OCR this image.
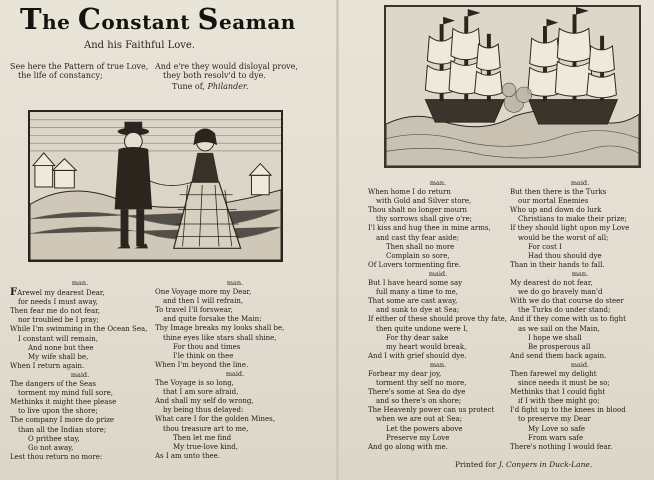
The Constant Seaman
And his Faithful Love.
See here the Pattern of true Love,
the life of constancy;
And e're they would disloyal prove,
they both resolv'd to dye.
Tune of, Philander.
man.
FArewel my dearest Dear,
for needs I must away,
Then fear me do not fear,
nor troubled be I pray;
While I'm swimming in the Ocean Sea,
I constant will remain,
And none but thee
My wife shall be,
When I return again.
maid.
The dangers of the Seas
torment my mind full sore,
Methinks it might thee please
to live upon the shore;
The company I more do prize
than all the Indian store;
O prithee stay,
Go not away,
Lest thou return no more:
man.
One Voyage more my Dear,
and then I will refrain,
To travel I'll forswear,
and quite forsake the Main;
Thy Image breaks my looks shall be,
thine eyes like stars shall shine,
For thou and times
I'le think on thee
When I'm beyond the line.
maid.
The Voyage is so long,
that I am sore afraid,
And shall my self do wrong,
by being thus delayed:
What care I for the golden Mines,
thou treasure art to me,
Then let me find
My true-love kind,
As I am unto thee.
man.
When home I do return
with Gold and Silver store,
Thou shalt no longer mourn
thy sorrows shall give o're;
I'l kiss and hug thee in mine arms,
and cast thy fear aside;
Then shall no more
Complain so sore,
Of Lovers tormenting fire.
maid.
But I have heard some say
full many a time to me,
That some are cast away,
and sunk to dye at Sea;
If either of these should prove thy fate,
then quite undone were I,
For thy dear sake
my heart would break,
And I with grief should dye.
man.
Forbear my dear joy,
torment thy self no more,
There's some at Sea do dye
and so there's on shore;
The Heavenly power can us protect
when we are out at Sea;
Let the powers above
Preserve my Love
And go along with me.
maid.
But then there is the Turks
our mortal Enemies
Who up and down do lurk
Christians to make their prize;
If they should light upon my Love
would be the worst of all;
For cost I
Had thou should dye
Than in their hands to fall.
man.
My dearest do not fear,
we do go bravely man'd
With we do that course do steer
the Turks do under stand;
And if they come with us to fight
as we sail on the Main,
I hope we shall
Be prosperous all
And send them back again.
maid.
Then farewel my delight
since needs it must be so;
Methinks that I could fight
if I with thee might go;
I'd fight up to the knees in blood
to preserve my Dear
My Love so safe
From wars safe
There's nothing I would fear.
Printed for J. Conyers in Duck-Lane.
